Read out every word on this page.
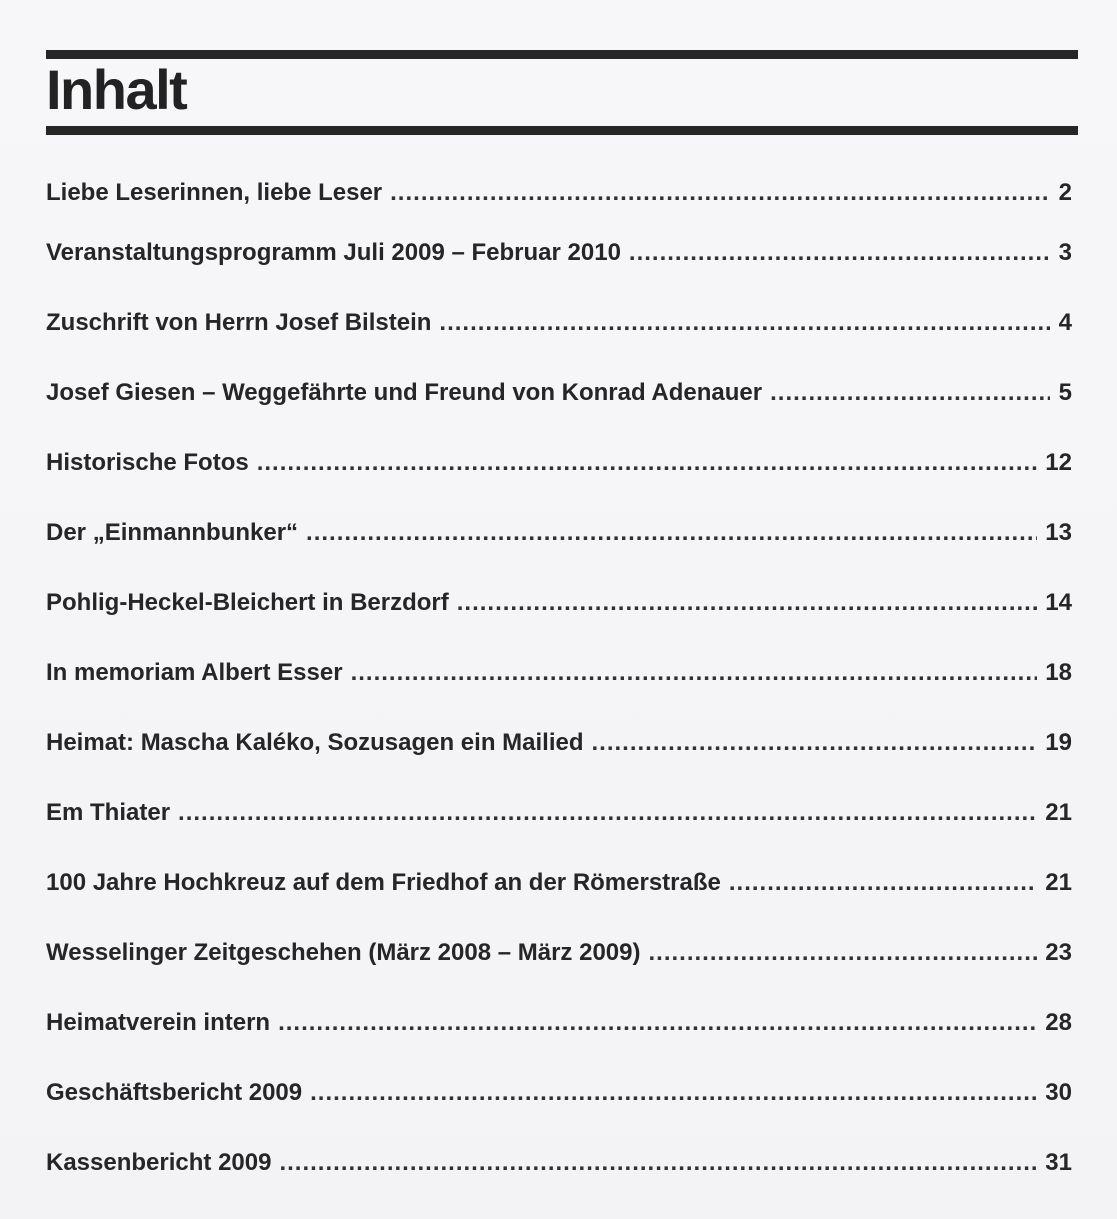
Inhalt
Liebe Leserinnen, liebe Leser .....	2
Veranstaltungsprogramm Juli 2009 – Februar 2010 .....	3
Zuschrift von Herrn Josef Bilstein .....	4
Josef Giesen – Weggefährte und Freund von Konrad Adenauer .....	5
Historische Fotos .....	12
Der „Einmannbunker“ .....	13
Pohlig-Heckel-Bleichert in Berzdorf .....	14
In memoriam Albert Esser .....	18
Heimat: Mascha Kaléko, Sozusagen ein Mailied .....	19
Em Thiater .....	21
100 Jahre Hochkreuz auf dem Friedhof an der Römerstraße .....	21
Wesselinger Zeitgeschehen (März 2008 – März 2009) .....	23
Heimatverein intern .....	28
Geschäftsbericht 2009 .....	30
Kassenbericht 2009 .....	31
